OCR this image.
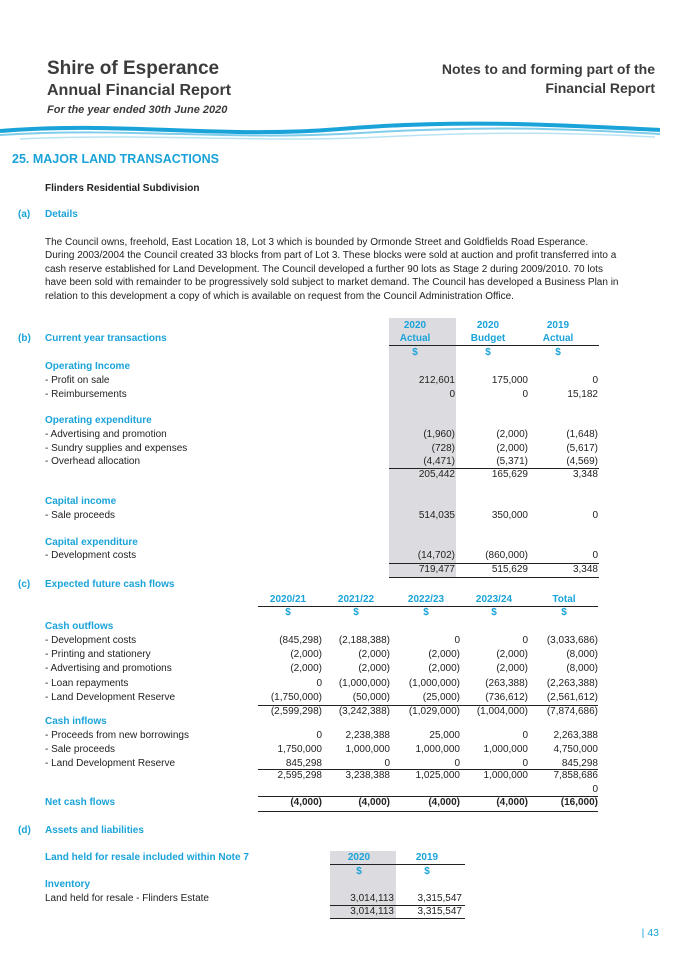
Shire of Esperance
Annual Financial Report
For the year ended 30th June 2020
Notes to and forming part of the
Financial Report
25. MAJOR LAND TRANSACTIONS
Flinders Residential Subdivision
(a) Details
The Council owns, freehold, East Location 18, Lot 3 which is bounded by Ormonde Street and Goldfields Road Esperance. During 2003/2004 the Council created 33 blocks from part of Lot 3. These blocks were sold at auction and profit transferred into a cash reserve established for Land Development. The Council developed a further 90 lots as Stage 2 during 2009/2010. 70 lots have been sold with remainder to be progressively sold subject to market demand. The Council has developed a Business Plan in relation to this development a copy of which is available on request from the Council Administration Office.
(b) Current year transactions
2020	2020	2019
Actual	Budget	Actual
$	$	$
Operating Income
- Profit on sale	212,601	175,000	0
- Reimbursements	0	0	15,182
Operating expenditure
- Advertising and promotion	(1,960)	(2,000)	(1,648)
- Sundry supplies and expenses	(728)	(2,000)	(5,617)
- Overhead allocation	(4,471)	(5,371)	(4,569)
205,442	165,629	3,348
Capital income
- Sale proceeds	514,035	350,000	0
Capital expenditure
- Development costs	(14,702)	(860,000)	0
719,477	515,629	3,348
(c) Expected future cash flows
2020/21	2021/22	2022/23	2023/24	Total
$	$	$	$	$
Cash outflows
- Development costs	(845,298)	(2,188,388)	0	0	(3,033,686)
- Printing and stationery	(2,000)	(2,000)	(2,000)	(2,000)	(8,000)
- Advertising and promotions	(2,000)	(2,000)	(2,000)	(2,000)	(8,000)
- Loan repayments	0	(1,000,000)	(1,000,000)	(263,388)	(2,263,388)
- Land Development Reserve	(1,750,000)	(50,000)	(25,000)	(736,612)	(2,561,612)
(2,599,298)	(3,242,388)	(1,029,000)	(1,004,000)	(7,874,686)
Cash inflows
- Proceeds from new borrowings	0	2,238,388	25,000	0	2,263,388
- Sale proceeds	1,750,000	1,000,000	1,000,000	1,000,000	4,750,000
- Land Development Reserve	845,298	0	0	0	845,298
2,595,298	3,238,388	1,025,000	1,000,000	7,858,686
0
Net cash flows	(4,000)	(4,000)	(4,000)	(4,000)	(16,000)
(d) Assets and liabilities
Land held for resale included within Note 7	2020	2019
$	$
Inventory
Land held for resale - Flinders Estate	3,014,113	3,315,547
3,014,113	3,315,547
| 43
